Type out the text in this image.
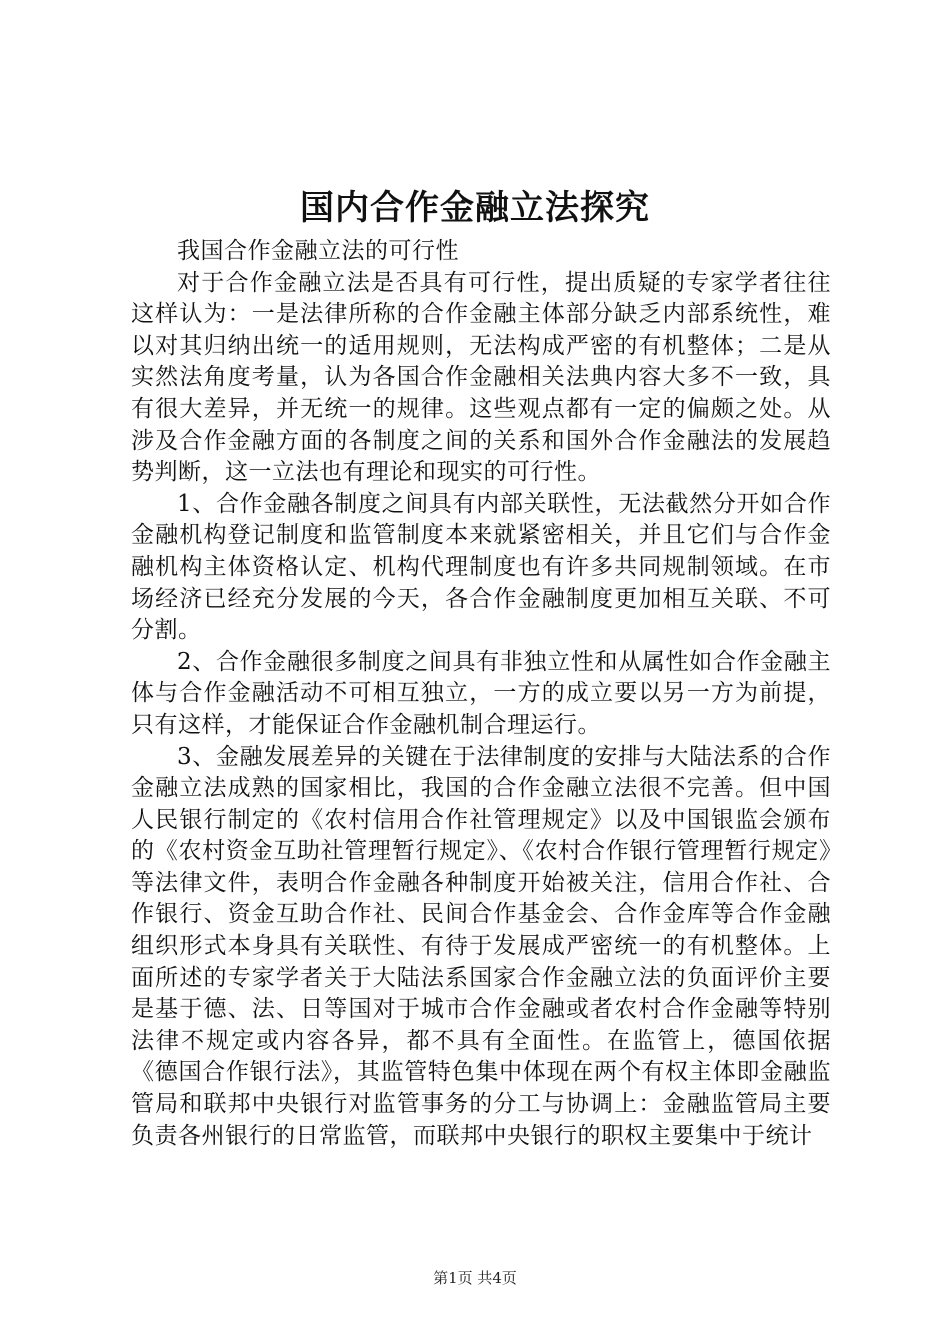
国内合作金融立法探究

我国合作金融立法的可行性

对于合作金融立法是否具有可行性，提出质疑的专家学者往往这样认为：一是法律所称的合作金融主体部分缺乏内部系统性，难以对其归纳出统一的适用规则，无法构成严密的有机整体；二是从实然法角度考量，认为各国合作金融相关法典内容大多不一致，具有很大差异，并无统一的规律。这些观点都有一定的偏颇之处。从涉及合作金融方面的各制度之间的关系和国外合作金融法的发展趋势判断，这一立法也有理论和现实的可行性。

1、合作金融各制度之间具有内部关联性，无法截然分开如合作金融机构登记制度和监管制度本来就紧密相关，并且它们与合作金融机构主体资格认定、机构代理制度也有许多共同规制领域。在市场经济已经充分发展的今天，各合作金融制度更加相互关联、不可分割。

2、合作金融很多制度之间具有非独立性和从属性如合作金融主体与合作金融活动不可相互独立，一方的成立要以另一方为前提，只有这样，才能保证合作金融机制合理运行。

3、金融发展差异的关键在于法律制度的安排与大陆法系的合作金融立法成熟的国家相比，我国的合作金融立法很不完善。但中国人民银行制定的《农村信用合作社管理规定》以及中国银监会颁布的《农村资金互助社管理暂行规定》、《农村合作银行管理暂行规定》等法律文件，表明合作金融各种制度开始被关注，信用合作社、合作银行、资金互助合作社、民间合作基金会、合作金库等合作金融组织形式本身具有关联性、有待于发展成严密统一的有机整体。上面所述的专家学者关于大陆法系国家合作金融立法的负面评价主要是基于德、法、日等国对于城市合作金融或者农村合作金融等特别法律不规定或内容各异，都不具有全面性。在监管上，德国依据《德国合作银行法》，其监管特色集中体现在两个有权主体即金融监管局和联邦中央银行对监管事务的分工与协调上：金融监管局主要负责各州银行的日常监管，而联邦中央银行的职权主要集中于统计

第1页 共4页
